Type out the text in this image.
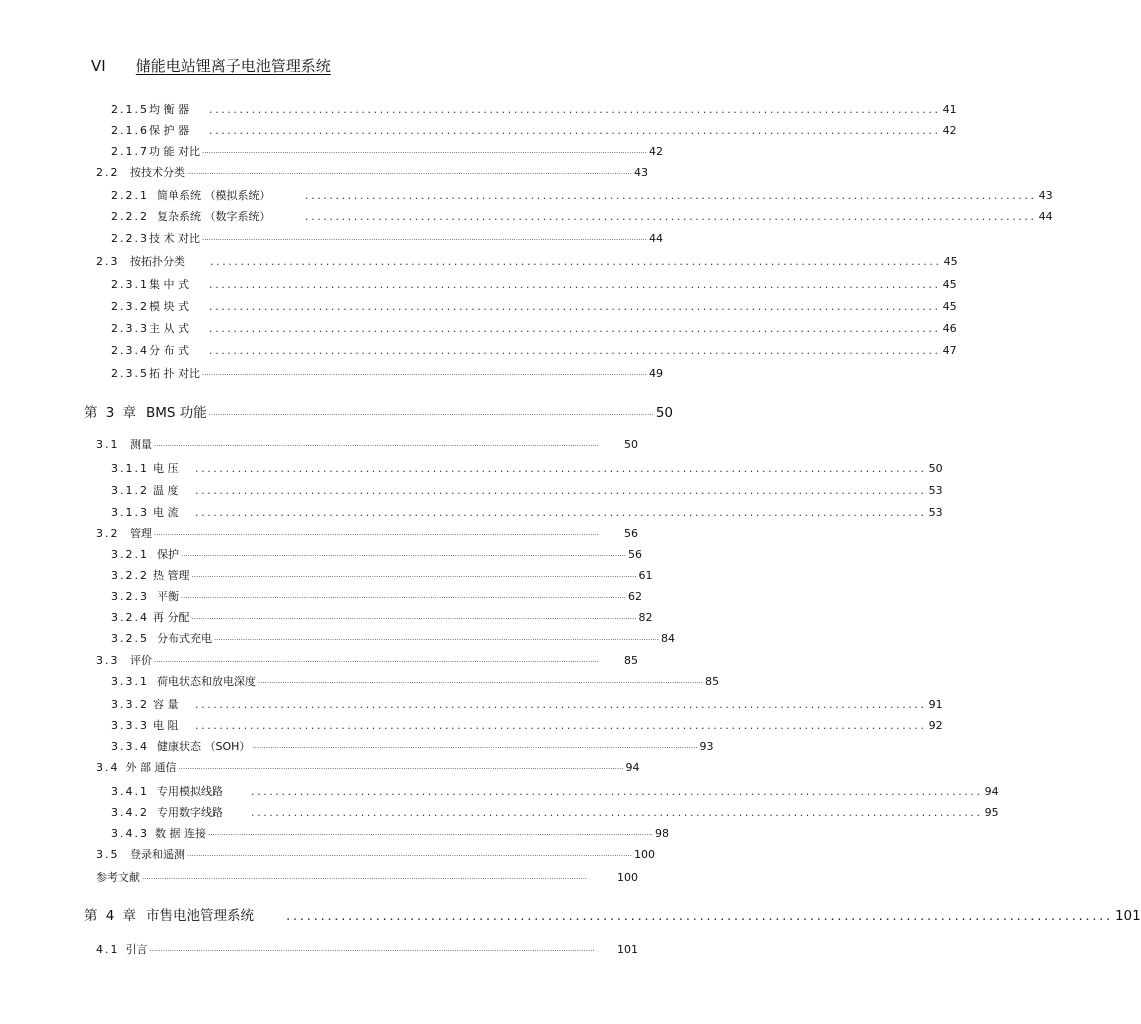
VI 储能电站锂离子电池管理系统
2.1.5 均 衡 器	........................................................................................................................ 41
2.1.6 保 护 器	........................................................................................................................ 42
2.1.7 功 能 对比 ········································································································································································································ 42
2.2 按技术分类 ········································································································································································································ 43
2.2.1 简单系统 （模拟系统）	........................................................................................................................ 43
2.2.2 复杂系统 （数字系统）	........................................................................................................................ 44
2.2.3 技 术 对比 ········································································································································································································ 44
2.3 按拓扑分类	........................................................................................................................ 45
2.3.1 集 中 式	........................................................................................................................ 45
2.3.2 模 块 式	........................................................................................................................ 45
2.3.3 主 从 式	........................................................................................................................ 46
2.3.4 分 布 式	........................................................................................................................ 47
2.3.5 拓 扑 对比 ········································································································································································································ 49
第 3 章 BMS 功能 ········································································································································································································ 50
3.1 测量 ········································································································································································································	50
3.1.1 电 压	........................................................................................................................ 50
3.1.2 温 度	........................................................................................................................ 53
3.1.3 电 流	........................................................................................................................ 53
3.2 管理 ········································································································································································································	56
3.2.1 保护 ········································································································································································································ 56
3.2.2 热 管理 ········································································································································································································ 61
3.2.3 平衡 ········································································································································································································ 62
3.2.4 再 分配 ········································································································································································································ 82
3.2.5 分布式充电 ········································································································································································································ 84
3.3 评价 ········································································································································································································	85
3.3.1 荷电状态和放电深度 ········································································································································································································ 85
3.3.2 容 量	........................................................................................................................ 91
3.3.3 电 阻	........................................................................................................................ 92
3.3.4 健康状态 （SOH） ········································································································································································································ 93
3.4 外 部 通信 ········································································································································································································ 94
3.4.1 专用模拟线路	........................................................................................................................ 94
3.4.2 专用数字线路	........................................................................................................................ 95
3.4.3 数 据 连接 ········································································································································································································ 98
3.5 登录和遥测 ········································································································································································································ 100
参考文献 ········································································································································································································	100
第 4 章 市售电池管理系统	........................................................................................................................ 101
4.1 引言 ········································································································································································································	101
